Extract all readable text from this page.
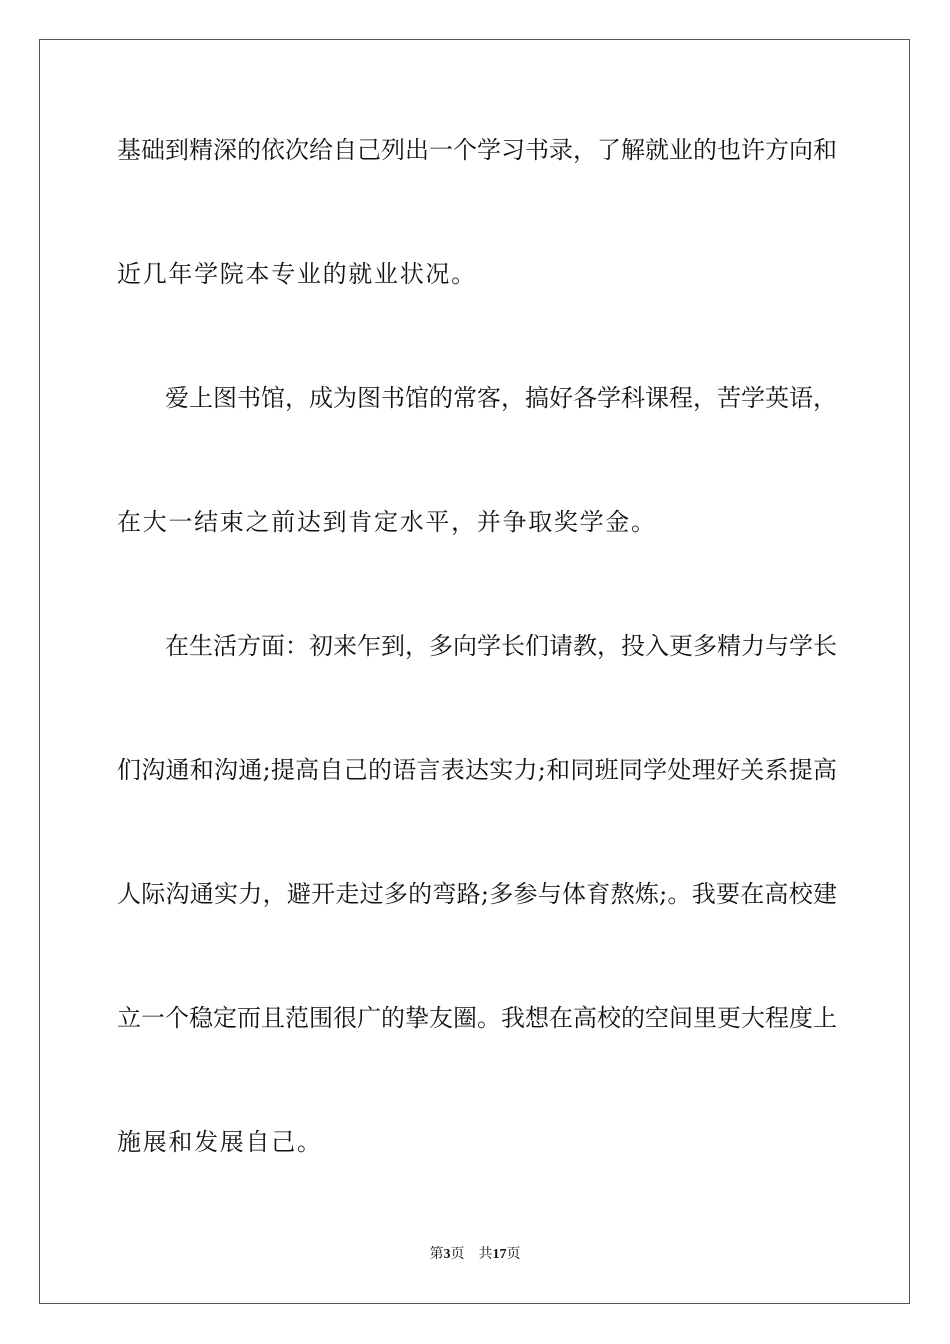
基础到精深的依次给自己列出一个学习书录，了解就业的也许方向和
近几年学院本专业的就业状况。
爱上图书馆，成为图书馆的常客，搞好各学科课程，苦学英语，
在大一结束之前达到肯定水平，并争取奖学金。
在生活方面：初来乍到，多向学长们请教，投入更多精力与学长
们沟通和沟通;提高自己的语言表达实力;和同班同学处理好关系提高
人际沟通实力，避开走过多的弯路;多参与体育熬炼;。我要在高校建
立一个稳定而且范围很广的挚友圈。我想在高校的空间里更大程度上
施展和发展自己。
第3页 共17页
